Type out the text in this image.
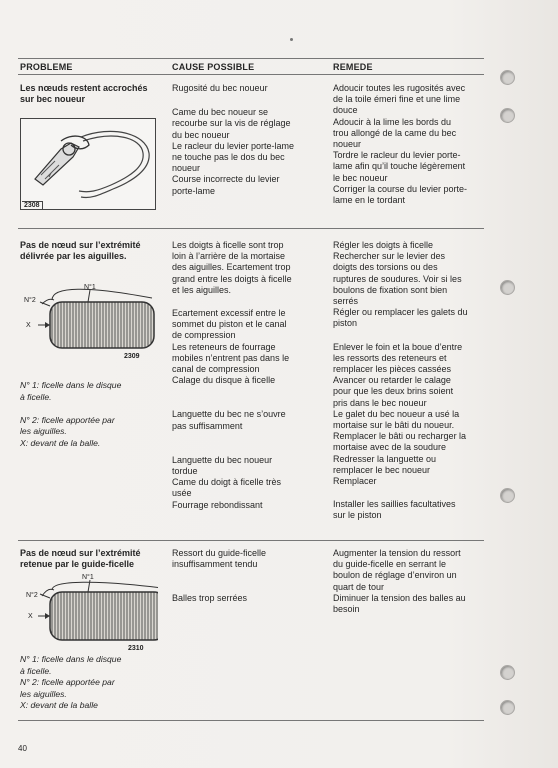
PROBLEME	CAUSE POSSIBLE	REMEDE
Les nœuds restent accrochés sur bec noueur
2308

Rugosité du bec noueur

Came du bec noueur se
recourbe sur la vis de réglage
du bec noueur

Le racleur du levier porte-lame
ne touche pas le dos du bec
noueur

Course incorrecte du levier
porte-lame

Adoucir toutes les rugosités avec
de la toile émeri fine et une lime
douce

Adoucir à la lime les bords du
trou allongé de la came du bec
noueur

Tordre le racleur du levier porte-
lame afin qu’il touche légèrement
le bec noueur

Corriger la course du levier porte-
lame en le tordant

Pas de nœud sur l’extrémité délivrée par les aiguilles.
N°1
N°2
X
2309
N° 1: ficelle dans le disque
à ficelle.

N° 2: ficelle apportée par
les aiguilles.
X: devant de la balle.

Les doigts à ficelle sont trop
loin à l’arrière de la mortaise
des aiguilles. Ecartement trop
grand entre les doigts à ficelle
et les aiguilles.

Ecartement excessif entre le
sommet du piston et le canal
de compression

Les reteneurs de fourrage
mobiles n’entrent pas dans le
canal de compression

Calage du disque à ficelle

Languette du bec ne s’ouvre
pas suffisamment

Languette du bec noueur
tordue

Came du doigt à ficelle très
usée

Fourrage rebondissant

Régler les doigts à ficelle
Rechercher sur le levier des
doigts des torsions ou des
ruptures de soudures. Voir si les
boulons de fixation sont bien
serrés

Régler ou remplacer les galets du
piston

Enlever le foin et la boue d’entre
les ressorts des reteneurs et
remplacer les pièces cassées

Avancer ou retarder le calage
pour que les deux brins soient
pris dans le bec noueur

Le galet du bec noueur a usé la
mortaise sur le bâti du noueur.
Remplacer le bâti ou recharger la
mortaise avec de la soudure

Redresser la languette ou
remplacer le bec noueur

Remplacer

Installer les saillies facultatives
sur le piston

Pas de nœud sur l’extrémité retenue par le guide-ficelle
N°1
N°2
X
2310
N° 1: ficelle dans le disque
à ficelle.
N° 2: ficelle apportée par
les aiguilles.
X: devant de la balle

Ressort du guide-ficelle
insuffisamment tendu

Balles trop serrées

Augmenter la tension du ressort
du guide-ficelle en serrant le
boulon de réglage d’environ un
quart de tour

Diminuer la tension des balles au
besoin

40
